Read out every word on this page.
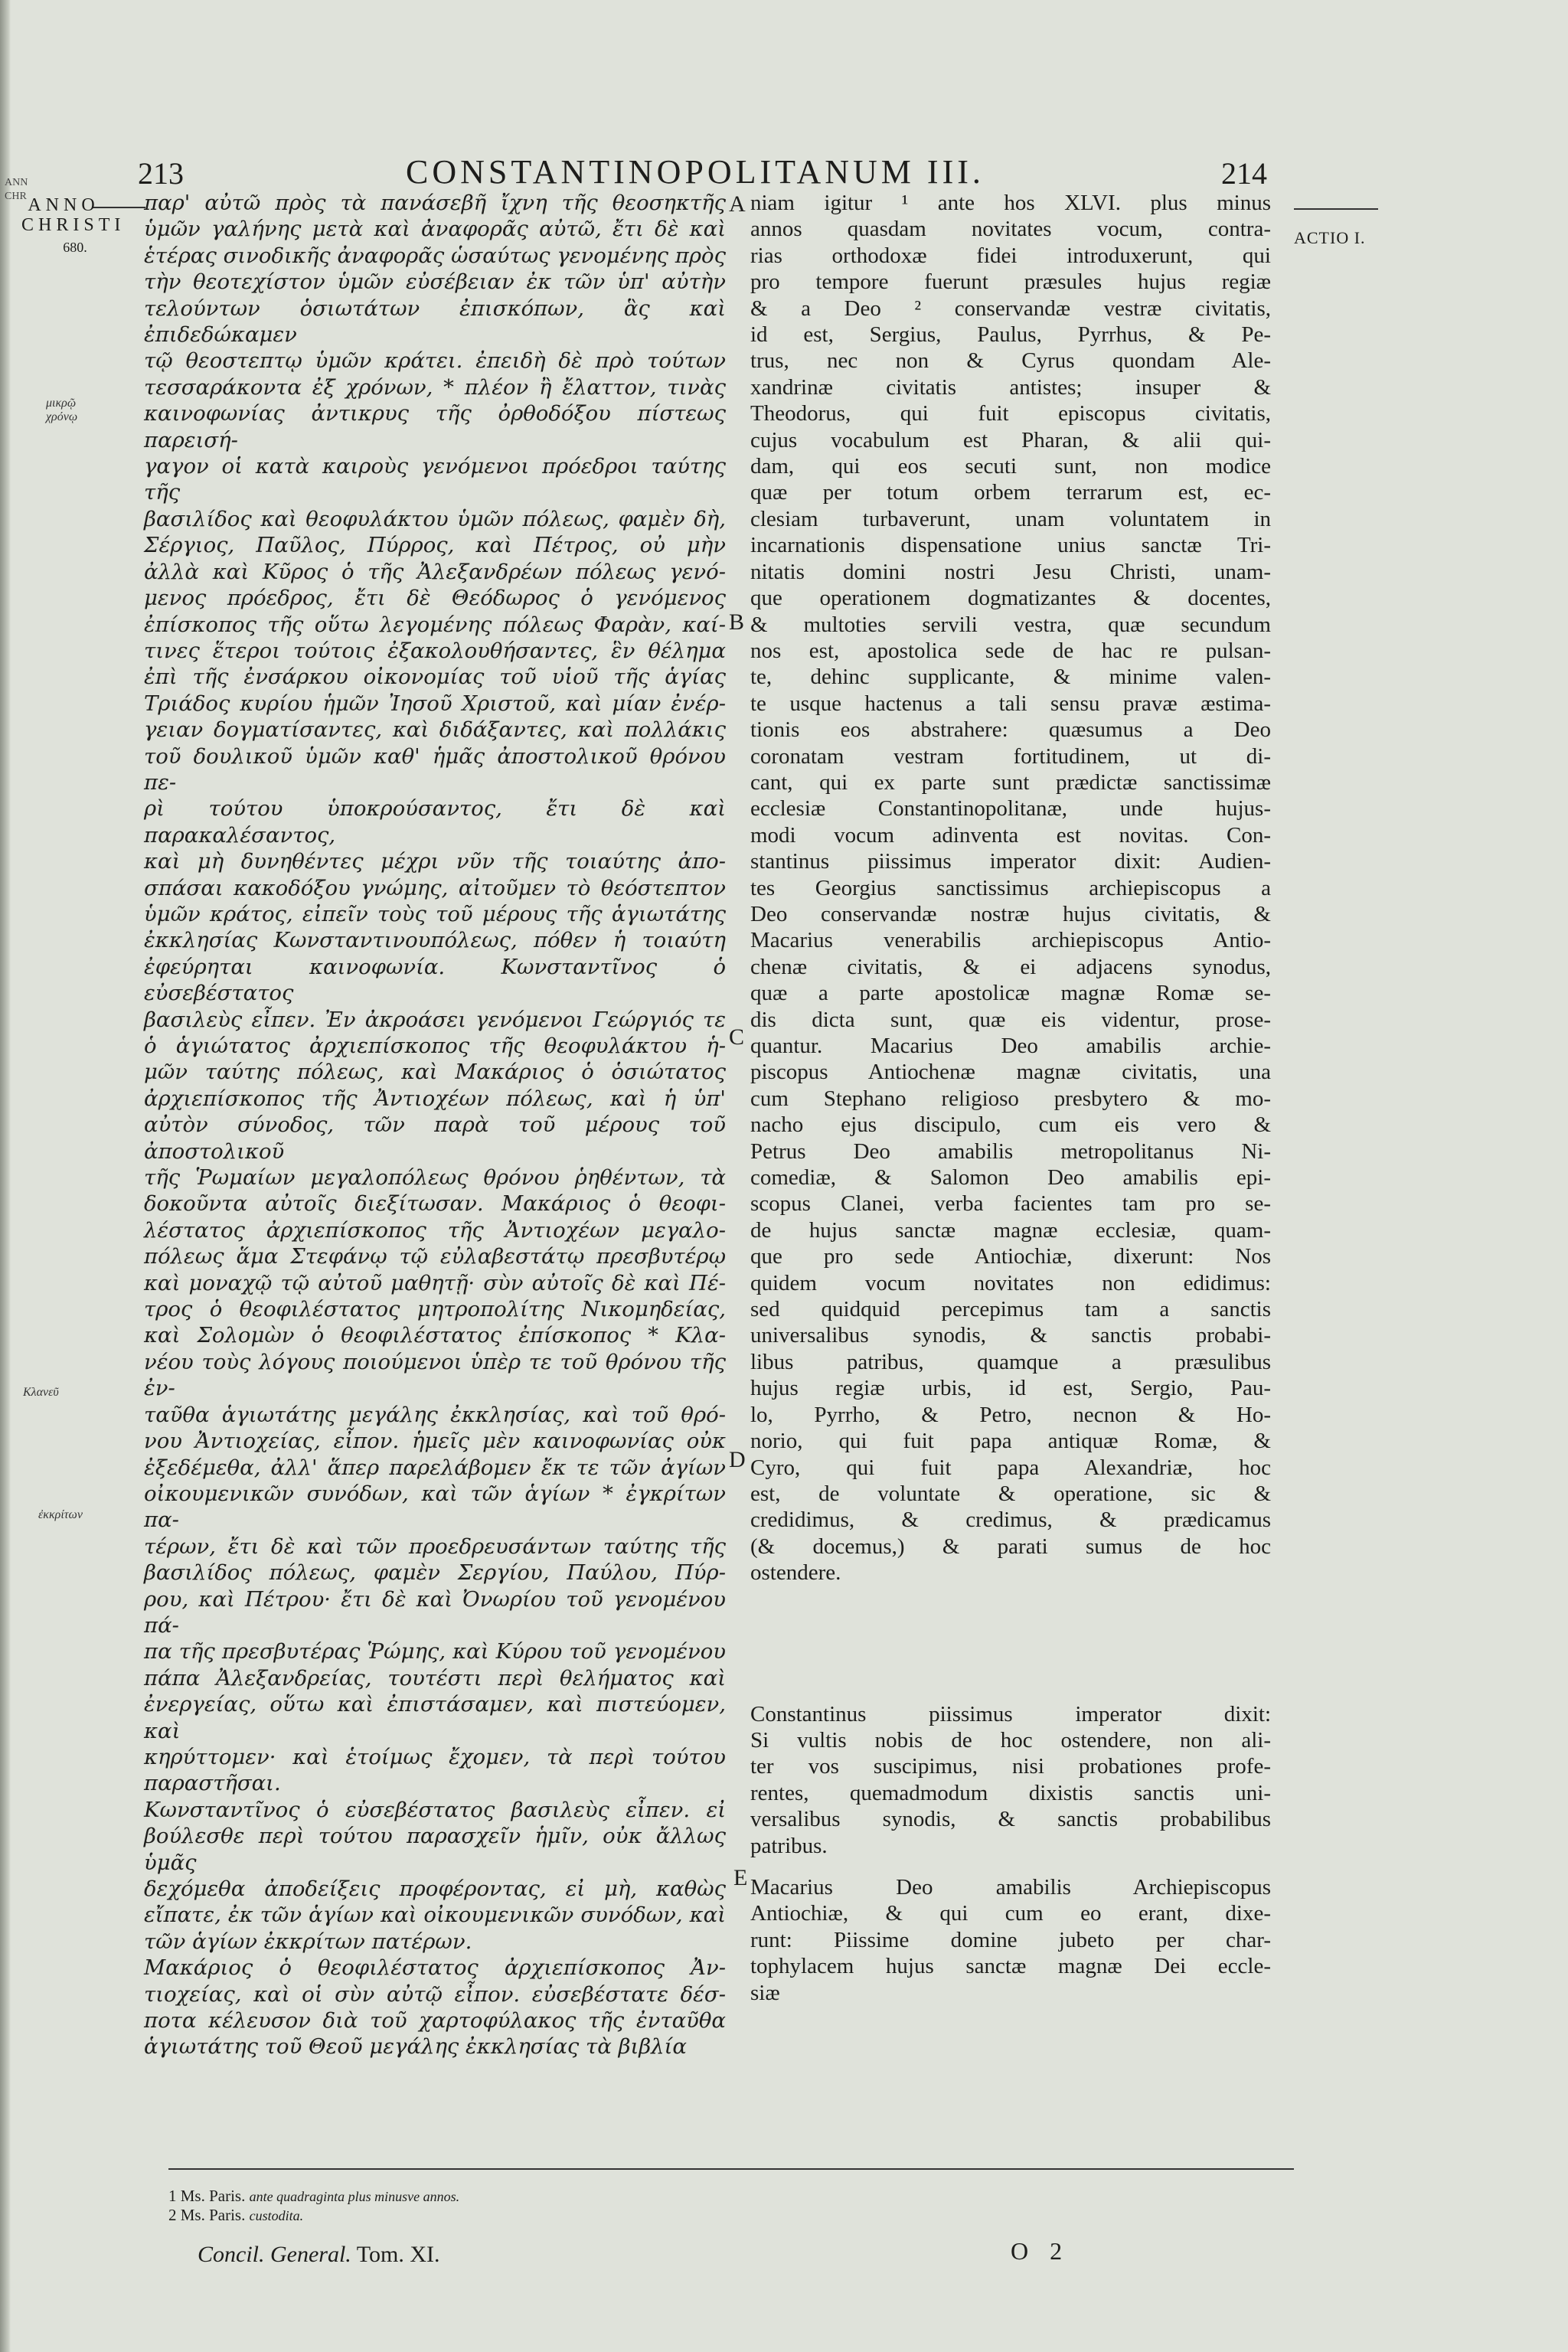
ANN CHR
213	CONSTANTINOPOLITANUM III.	214
ANNO
CHRISTI
680.
μικρῷ χρόνῳ
Κλανεῦ
ἐκκρίτων
ACTIO I.
A
B
C
D
E

παρ' αὐτῶ πρὸς τὰ πανάσεβῆ ἴχνη τῆς θεοσηκτῆς
ὑμῶν γαλήνης μετὰ καὶ ἀναφορᾶς αὐτῶ, ἔτι δὲ καὶ
ἑτέρας σινοδικῆς ἀναφορᾶς ὡσαύτως γενομένης πρὸς
τὴν θεοτεχίστον ὑμῶν εὐσέβειαν ἐκ τῶν ὑπ' αὐτὴν
τελούντων ὁσιωτάτων ἐπισκόπων, ἃς καὶ ἐπιδεδώκαμεν
τῷ θεοστεπτῳ ὑμῶν κράτει. ἐπειδὴ δὲ πρὸ τούτων
τεσσαράκοντα ἐξ χρόνων, * πλέον ἢ ἔλαττον, τινὰς
καινοφωνίας ἀντικρυς τῆς ὀρθοδόξου πίστεως παρεισή-
γαγον οἱ κατὰ καιροὺς γενόμενοι πρόεδροι ταύτης τῆς
βασιλίδος καὶ θεοφυλάκτου ὑμῶν πόλεως, φαμὲν δὴ,
Σέργιος, Παῦλος, Πύρρος, καὶ Πέτρος, οὐ μὴν
ἀλλὰ καὶ Κῦρος ὁ τῆς Ἀλεξανδρέων πόλεως γενό-
μενος πρόεδρος, ἔτι δὲ Θεόδωρος ὁ γενόμενος
ἐπίσκοπος τῆς οὕτω λεγομένης πόλεως Φαρὰν, καί-
τινες ἕτεροι τούτοις ἐξακολουθήσαντες, ἓν θέλημα
ἐπὶ τῆς ἐνσάρκου οἰκονομίας τοῦ υἱοῦ τῆς ἁγίας
Τριάδος κυρίου ἡμῶν Ἰησοῦ Χριστοῦ, καὶ μίαν ἐνέρ-
γειαν δογματίσαντες, καὶ διδάξαντες, καὶ πολλάκις
τοῦ δουλικοῦ ὑμῶν καθ' ἡμᾶς ἀποστολικοῦ θρόνου πε-
ρὶ τούτου ὑποκρούσαντος, ἔτι δὲ καὶ παρακαλέσαντος,
καὶ μὴ δυνηθέντες μέχρι νῦν τῆς τοιαύτης ἀπο-
σπάσαι κακοδόξου γνώμης, αἰτοῦμεν τὸ θεόστεπτον
ὑμῶν κράτος, εἰπεῖν τοὺς τοῦ μέρους τῆς ἁγιωτάτης
ἐκκλησίας Κωνσταντινουπόλεως, πόθεν ἡ τοιαύτη
ἐφεύρηται καινοφωνία. Κωνσταντῖνος ὁ εὐσεβέστατος
βασιλεὺς εἶπεν. Ἐν ἀκροάσει γενόμενοι Γεώργιός τε
ὁ ἁγιώτατος ἀρχιεπίσκοπος τῆς θεοφυλάκτου ἡ-
μῶν ταύτης πόλεως, καὶ Μακάριος ὁ ὁσιώτατος
ἀρχιεπίσκοπος τῆς Ἀντιοχέων πόλεως, καὶ ἡ ὑπ'
αὐτὸν σύνοδος, τῶν παρὰ τοῦ μέρους τοῦ ἀποστολικοῦ
τῆς Ῥωμαίων μεγαλοπόλεως θρόνου ῥηθέντων, τὰ
δοκοῦντα αὐτοῖς διεξίτωσαν. Μακάριος ὁ θεοφι-
λέστατος ἀρχιεπίσκοπος τῆς Ἀντιοχέων μεγαλο-
πόλεως ἅμα Στεφάνῳ τῷ εὐλαβεστάτῳ πρεσβυτέρῳ
καὶ μοναχῷ τῷ αὐτοῦ μαθητῇ· σὺν αὐτοῖς δὲ καὶ Πέ-
τρος ὁ θεοφιλέστατος μητροπολίτης Νικομηδείας,
καὶ Σολομὼν ὁ θεοφιλέστατος ἐπίσκοπος * Κλα-
νέου τοὺς λόγους ποιούμενοι ὑπὲρ τε τοῦ θρόνου τῆς ἐν-
ταῦθα ἁγιωτάτης μεγάλης ἐκκλησίας, καὶ τοῦ θρό-
νου Ἀντιοχείας, εἶπον. ἡμεῖς μὲν καινοφωνίας οὐκ
ἐξεδέμεθα, ἀλλ' ἅπερ παρελάβομεν ἔκ τε τῶν ἁγίων
οἰκουμενικῶν συνόδων, καὶ τῶν ἁγίων * ἐγκρίτων πα-
τέρων, ἔτι δὲ καὶ τῶν προεδρευσάντων ταύτης τῆς
βασιλίδος πόλεως, φαμὲν Σεργίου, Παύλου, Πύρ-
ρου, καὶ Πέτρου· ἔτι δὲ καὶ Ὀνωρίου τοῦ γενομένου πά-
πα τῆς πρεσβυτέρας Ῥώμης, καὶ Κύρου τοῦ γενομένου
πάπα Ἀλεξανδρείας, τουτέστι περὶ θελήματος καὶ
ἐνεργείας, οὕτω καὶ ἐπιστάσαμεν, καὶ πιστεύομεν, καὶ
κηρύττομεν· καὶ ἑτοίμως ἔχομεν, τὰ περὶ τούτου
παραστῆσαι.

Κωνσταντῖνος ὁ εὐσεβέστατος βασιλεὺς εἶπεν. εἰ
βούλεσθε περὶ τούτου παρασχεῖν ἡμῖν, οὐκ ἄλλως ὑμᾶς
δεχόμεθα ἀποδείξεις προφέροντας, εἰ μὴ, καθὼς
εἴπατε, ἐκ τῶν ἁγίων καὶ οἰκουμενικῶν συνόδων, καὶ
τῶν ἁγίων ἐκκρίτων πατέρων.

Μακάριος ὁ θεοφιλέστατος ἀρχιεπίσκοπος Ἀν-
τιοχείας, καὶ οἱ σὺν αὐτῷ εἶπον. εὐσεβέστατε δέσ-
ποτα κέλευσον διὰ τοῦ χαρτοφύλακος τῆς ἐνταῦθα
ἁγιωτάτης τοῦ Θεοῦ μεγάλης ἐκκλησίας τὰ βιβλία

niam igitur ¹ ante hos XLVI. plus minus
annos quasdam novitates vocum, contra-
rias orthodoxæ fidei introduxerunt, qui
pro tempore fuerunt præsules hujus regiæ
& a Deo ² conservandæ vestræ civitatis,
id est, Sergius, Paulus, Pyrrhus, & Pe-
trus, nec non & Cyrus quondam Ale-
xandrinæ civitatis antistes; insuper &
Theodorus, qui fuit episcopus civitatis,
cujus vocabulum est Pharan, & alii qui-
dam, qui eos secuti sunt, non modice
quæ per totum orbem terrarum est, ec-
clesiam turbaverunt, unam voluntatem in
incarnationis dispensatione unius sanctæ Tri-
nitatis domini nostri Jesu Christi, unam-
que operationem dogmatizantes & docentes,
& multoties servili vestra, quæ secundum
nos est, apostolica sede de hac re pulsan-
te, dehinc supplicante, & minime valen-
te usque hactenus a tali sensu pravæ æstima-
tionis eos abstrahere: quæsumus a Deo
coronatam vestram fortitudinem, ut di-
cant, qui ex parte sunt prædictæ sanctissimæ
ecclesiæ Constantinopolitanæ, unde hujus-
modi vocum adinventa est novitas. Con-
stantinus piissimus imperator dixit: Audien-
tes Georgius sanctissimus archiepiscopus a
Deo conservandæ nostræ hujus civitatis, &
Macarius venerabilis archiepiscopus Antio-
chenæ civitatis, & ei adjacens synodus,
quæ a parte apostolicæ magnæ Romæ se-
dis dicta sunt, quæ eis videntur, prose-
quantur. Macarius Deo amabilis archie-
piscopus Antiochenæ magnæ civitatis, una
cum Stephano religioso presbytero & mo-
nacho ejus discipulo, cum eis vero &
Petrus Deo amabilis metropolitanus Ni-
comediæ, & Salomon Deo amabilis epi-
scopus Clanei, verba facientes tam pro se-
de hujus sanctæ magnæ ecclesiæ, quam-
que pro sede Antiochiæ, dixerunt: Nos
quidem vocum novitates non edidimus:
sed quidquid percepimus tam a sanctis
universalibus synodis, & sanctis probabi-
libus patribus, quamque a præsulibus
hujus regiæ urbis, id est, Sergio, Pau-
lo, Pyrrho, & Petro, necnon & Ho-
norio, qui fuit papa antiquæ Romæ, &
Cyro, qui fuit papa Alexandriæ, hoc
est, de voluntate & operatione, sic &
credidimus, & credimus, & prædicamus
(& docemus,) & parati sumus de hoc
ostendere.

Constantinus piissimus imperator dixit:
Si vultis nobis de hoc ostendere, non ali-
ter vos suscipimus, nisi probationes profe-
rentes, quemadmodum dixistis sanctis uni-
versalibus synodis, & sanctis probabilibus
patribus.

Macarius Deo amabilis Archiepiscopus
Antiochiæ, & qui cum eo erant, dixe-
runt: Piissime domine jubeto per char-
tophylacem hujus sanctæ magnæ Dei eccle-
siæ

1 Ms. Paris. ante quadraginta plus minusve annos.
2 Ms. Paris. custodita.
Concil. General. Tom. XI.	O 2
